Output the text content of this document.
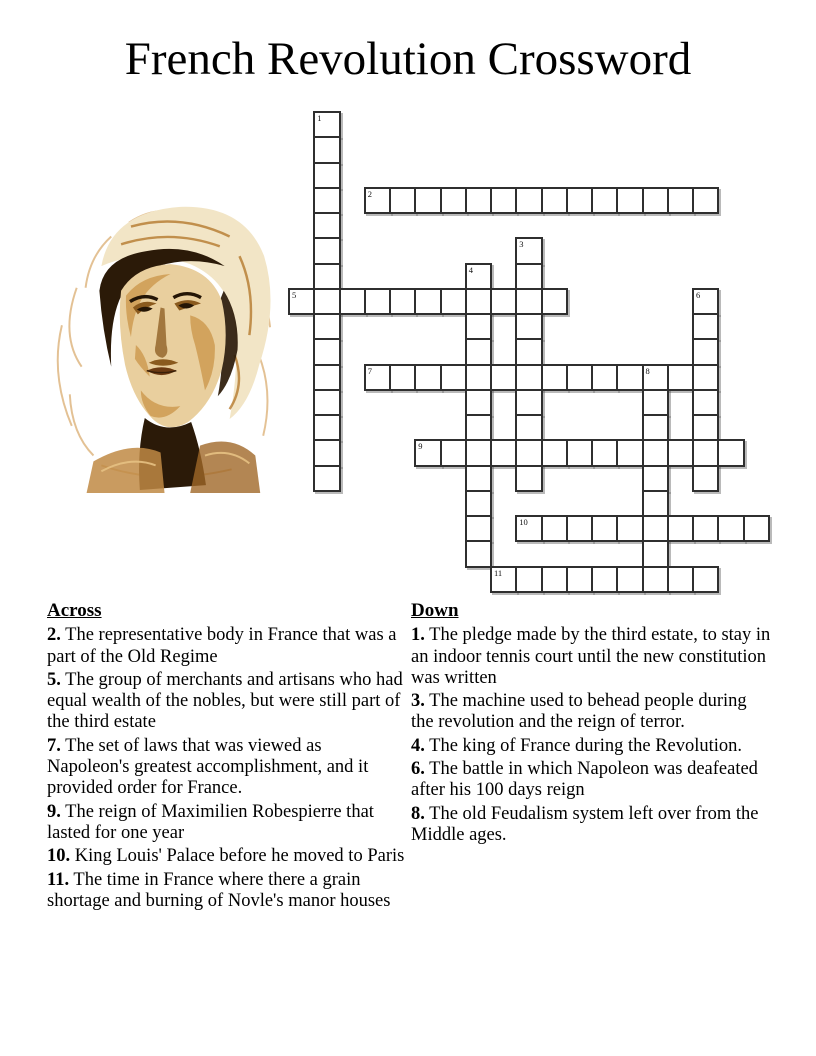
French Revolution Crossword
1
2
3
4
5	6
7	8
9
10
11
Across
2. The representative body in France that was a part of the Old Regime
5. The group of merchants and artisans who had equal wealth of the nobles, but were still part of the third estate
7. The set of laws that was viewed as Napoleon's greatest accomplishment, and it provided order for France.
9. The reign of Maximilien Robespierre that lasted for one year
10. King Louis' Palace before he moved to Paris
11. The time in France where there a grain shortage and burning of Novle's manor houses
Down
1. The pledge made by the third estate, to stay in an indoor tennis court until the new constitution was written
3. The machine used to behead people during the revolution and the reign of terror.
4. The king of France during the Revolution.
6. The battle in which Napoleon was deafeated after his 100 days reign
8. The old Feudalism system left over from the Middle ages.
